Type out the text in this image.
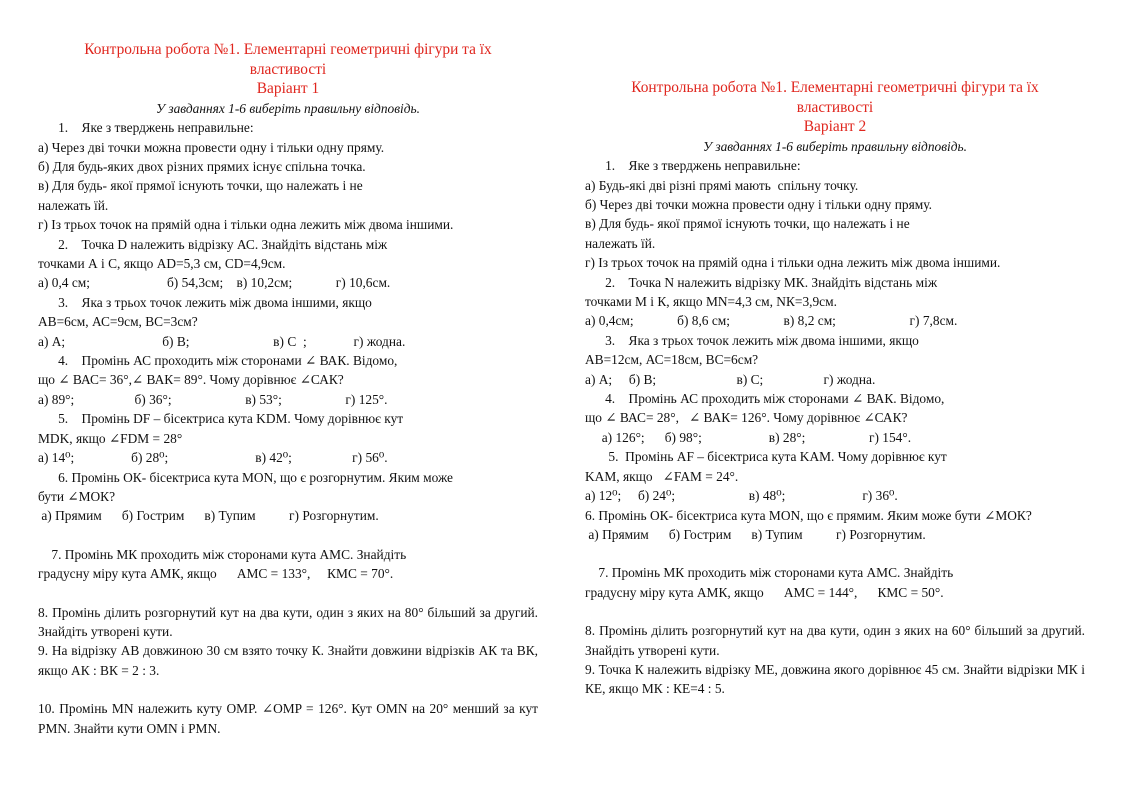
Контрольна робота №1. Елементарні геометричні фігури та їх
властивості
Варіант 1
У завданнях 1-6 виберіть правильну відповідь.
1.    Яке з тверджень неправильне:
а) Через дві точки можна провести одну і тільки одну пряму.
б) Для будь-яких двох різних прямих існує спільна точка.
в) Для будь- якої прямої існують точки, що належать і не
належать їй.
г) Із трьох точок на прямій одна і тільки одна лежить між двома іншими.
2.    Точка D належить відрізку АС. Знайдіть відстань між
точками А і С, якщо AD=5,3 см, СD=4,9см.
а) 0,4 см;                       б) 54,3см;    в) 10,2см;             г) 10,6см.
3.    Яка з трьох точок лежить між двома іншими, якщо
АВ=6см, АС=9см, ВС=3см?
а) А;                             б) В;                         в) С  ;              г) жодна.
4.    Промінь АС проходить між сторонами ∠ ВАК. Відомо,
що ∠ ВАС= 36°,∠ ВАК= 89°. Чому дорівнює ∠САК?
а) 89°;                  б) 36°;                      в) 53°;                   г) 125°.
5.    Промінь DF – бісектриса кута KDM. Чому дорівнює кут
MDK, якщо ∠FDM = 28°
а) 14⁰;                 б) 28⁰;                          в) 42⁰;                  г) 56⁰.
6. Промінь ОК- бісектриса кута МОN, що є розгорнутим. Яким може
бути ∠МОК?
а) Прямим      б) Гострим      в) Тупим          г) Розгорнутим.
7. Промінь МК проходить між сторонами кута АМС. Знайдіть
градусну міру кута АМК, якщо      АМС = 133°,     КМС = 70°.
8. Промінь ділить розгорнутий кут на два кути, один з яких на 80° більший за другий. Знайдіть утворені кути.
9. На відрізку АВ довжиною 30 см взято точку К. Знайти довжини відрізків АК та ВК, якщо АК : ВК = 2 : 3.
10. Промінь MN належить куту OMP. ∠OMP = 126°. Кут OMN на 20° менший за кут PMN. Знайти кути OMN і PMN.
Контрольна робота №1. Елементарні геометричні фігури та їх
властивості
Варіант 2
У завданнях 1-6 виберіть правильну відповідь.
1.    Яке з тверджень неправильне:
а) Будь-які дві різні прямі мають  спільну точку.
б) Через дві точки можна провести одну і тільки одну пряму.
в) Для будь- якої прямої існують точки, що належать і не
належать їй.
г) Із трьох точок на прямій одна і тільки одна лежить між двома іншими.
2.    Точка N належить відрізку МК. Знайдіть відстань між
точками М і К, якщо MN=4,3 см, NК=3,9см.
а) 0,4см;             б) 8,6 см;                в) 8,2 см;                      г) 7,8см.
3.    Яка з трьох точок лежить між двома іншими, якщо
АВ=12см, АС=18см, ВС=6см?
а) А;     б) В;                        в) С;                  г) жодна.
4.    Промінь АС проходить між сторонами ∠ ВАК. Відомо,
що ∠ ВАС= 28°,   ∠ ВАК= 126°. Чому дорівнює ∠САК?
а) 126°;      б) 98°;                    в) 28°;                   г) 154°.
5.  Промінь AF – бісектриса кута KAM. Чому дорівнює кут
KAM, якщо   ∠FAM = 24°.
а) 12⁰;     б) 24⁰;                      в) 48⁰;                       г) 36⁰.
6. Промінь ОК- бісектриса кута МОN, що є прямим. Яким може бути ∠МОК?
а) Прямим      б) Гострим      в) Тупим          г) Розгорнутим.
7. Промінь МК проходить між сторонами кута АМС. Знайдіть
градусну міру кута АМК, якщо      АМС = 144°,      КМС = 50°.
8. Промінь ділить розгорнутий кут на два кути, один з яких на 60° більший за другий. Знайдіть утворені кути.
9. Точка К належить відрізку МЕ, довжина якого дорівнює 45 см. Знайти відрізки МК і КЕ, якщо МК : КЕ=4 : 5.
